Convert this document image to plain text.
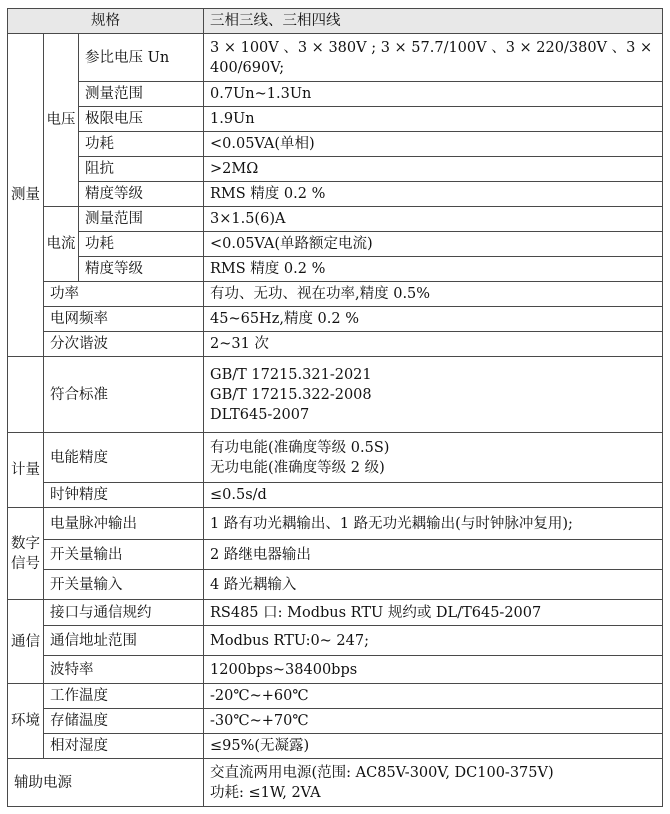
规格			三相三线、三相四线
测量	电压	参比电压 Un	3 × 100V 、3 × 380V ; 3 × 57.7/100V 、3 × 220/380V 、3 ×
400/690V;

		测量范围	0.7Un~1.3Un
		极限电压	1.9Un
		功耗	<0.05VA(单相)
		阻抗	>2MΩ
		精度等级	RMS 精度 0.2 %
	电流	测量范围	3×1.5(6)A
		功耗	<0.05VA(单路额定电流)
		精度等级	RMS 精度 0.2 %
	功率		有功、无功、视在功率,精度 0.5%
	电网频率		45~65Hz,精度 0.2 %
	分次谐波		2~31 次
	符合标准		GB/T 17215.321-2021
GB/T 17215.322-2008
DLT645-2007

计量	电能精度		有功电能(准确度等级 0.5S)
无功电能(准确度等级 2 级)

	时钟精度		≤0.5s/d
数字信号	电量脉冲输出		1 路有功光耦输出、1 路无功光耦输出(与时钟脉冲复用);
	开关量输出		2 路继电器输出
	开关量输入		4 路光耦输入
通信	接口与通信规约		RS485 口: Modbus RTU 规约或 DL/T645-2007
	通信地址范围		Modbus RTU:0~ 247;
	波特率		1200bps~38400bps
环境	工作温度		-20℃~+60℃
	存储温度		-30℃~+70℃
	相对湿度		≤95%(无凝露)
辅助电源			交直流两用电源(范围: AC85V-300V, DC100-375V)
功耗: ≤1W, 2VA
